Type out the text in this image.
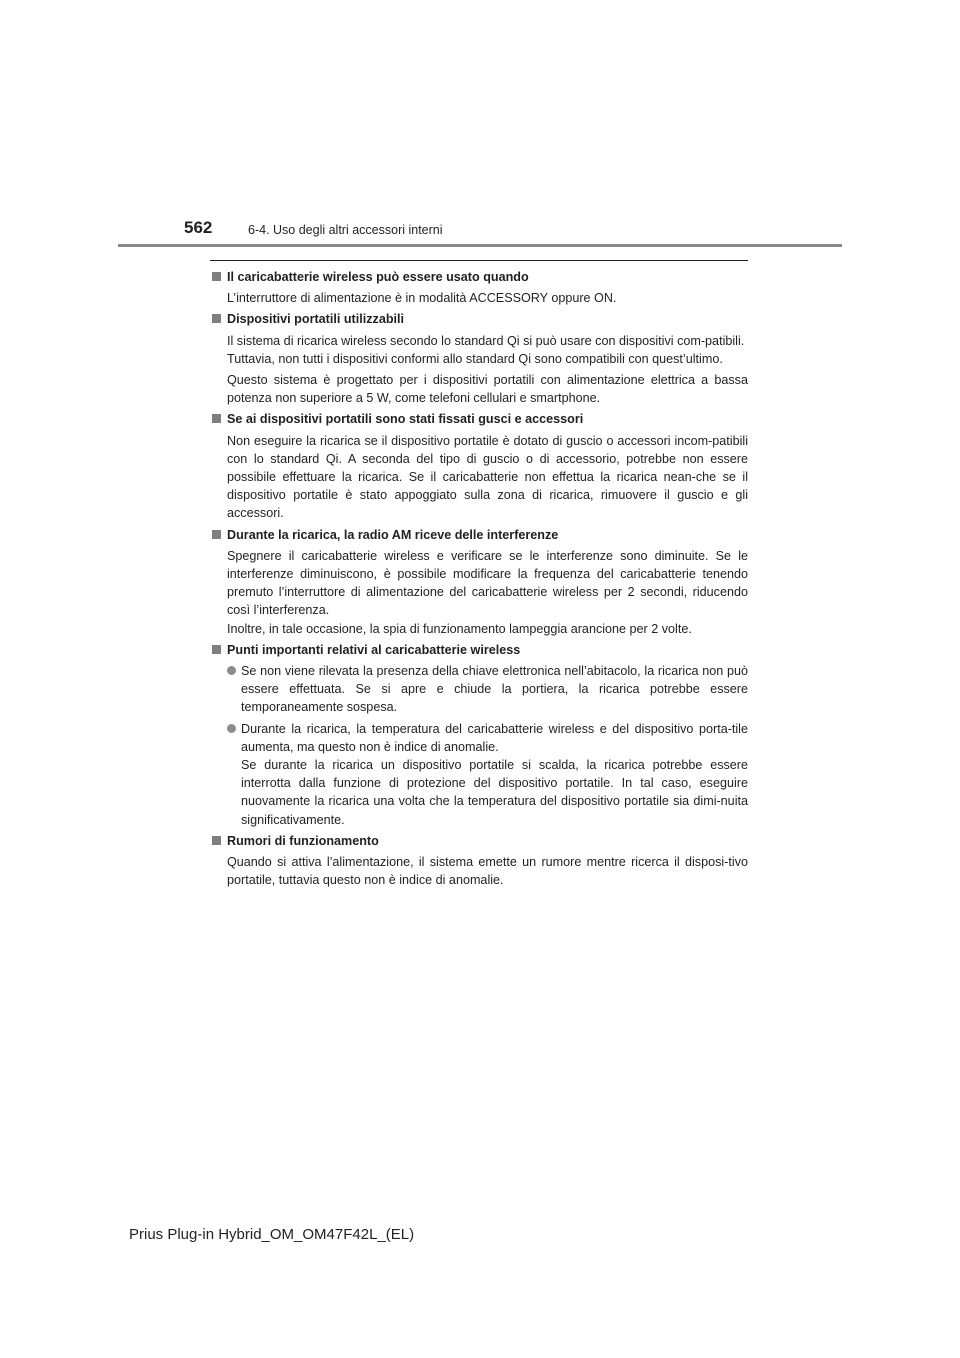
562	6-4. Uso degli altri accessori interni
Il caricabatterie wireless può essere usato quando

L’interruttore di alimentazione è in modalità ACCESSORY oppure ON.

Dispositivi portatili utilizzabili

Il sistema di ricarica wireless secondo lo standard Qi si può usare con dispositivi com-patibili.

Tuttavia, non tutti i dispositivi conformi allo standard Qi sono compatibili con quest’ultimo.

Questo sistema è progettato per i dispositivi portatili con alimentazione elettrica a bassa potenza non superiore a 5 W, come telefoni cellulari e smartphone.

Se ai dispositivi portatili sono stati fissati gusci e accessori

Non eseguire la ricarica se il dispositivo portatile è dotato di guscio o accessori incom-patibili con lo standard Qi. A seconda del tipo di guscio o di accessorio, potrebbe non essere possibile effettuare la ricarica. Se il caricabatterie non effettua la ricarica nean-che se il dispositivo portatile è stato appoggiato sulla zona di ricarica, rimuovere il guscio e gli accessori.

Durante la ricarica, la radio AM riceve delle interferenze

Spegnere il caricabatterie wireless e verificare se le interferenze sono diminuite. Se le interferenze diminuiscono, è possibile modificare la frequenza del caricabatterie tenendo premuto l’interruttore di alimentazione del caricabatterie wireless per 2 secondi, riducendo così l’interferenza.

Inoltre, in tale occasione, la spia di funzionamento lampeggia arancione per 2 volte.

Punti importanti relativi al caricabatterie wireless

Se non viene rilevata la presenza della chiave elettronica nell’abitacolo, la ricarica non può essere effettuata. Se si apre e chiude la portiera, la ricarica potrebbe essere temporaneamente sospesa.

Durante la ricarica, la temperatura del caricabatterie wireless e del dispositivo porta-tile aumenta, ma questo non è indice di anomalie.

Se durante la ricarica un dispositivo portatile si scalda, la ricarica potrebbe essere interrotta dalla funzione di protezione del dispositivo portatile. In tal caso, eseguire nuovamente la ricarica una volta che la temperatura del dispositivo portatile sia dimi-nuita significativamente.

Rumori di funzionamento

Quando si attiva l’alimentazione, il sistema emette un rumore mentre ricerca il disposi-tivo portatile, tuttavia questo non è indice di anomalie.

Prius Plug-in Hybrid_OM_OM47F42L_(EL)
